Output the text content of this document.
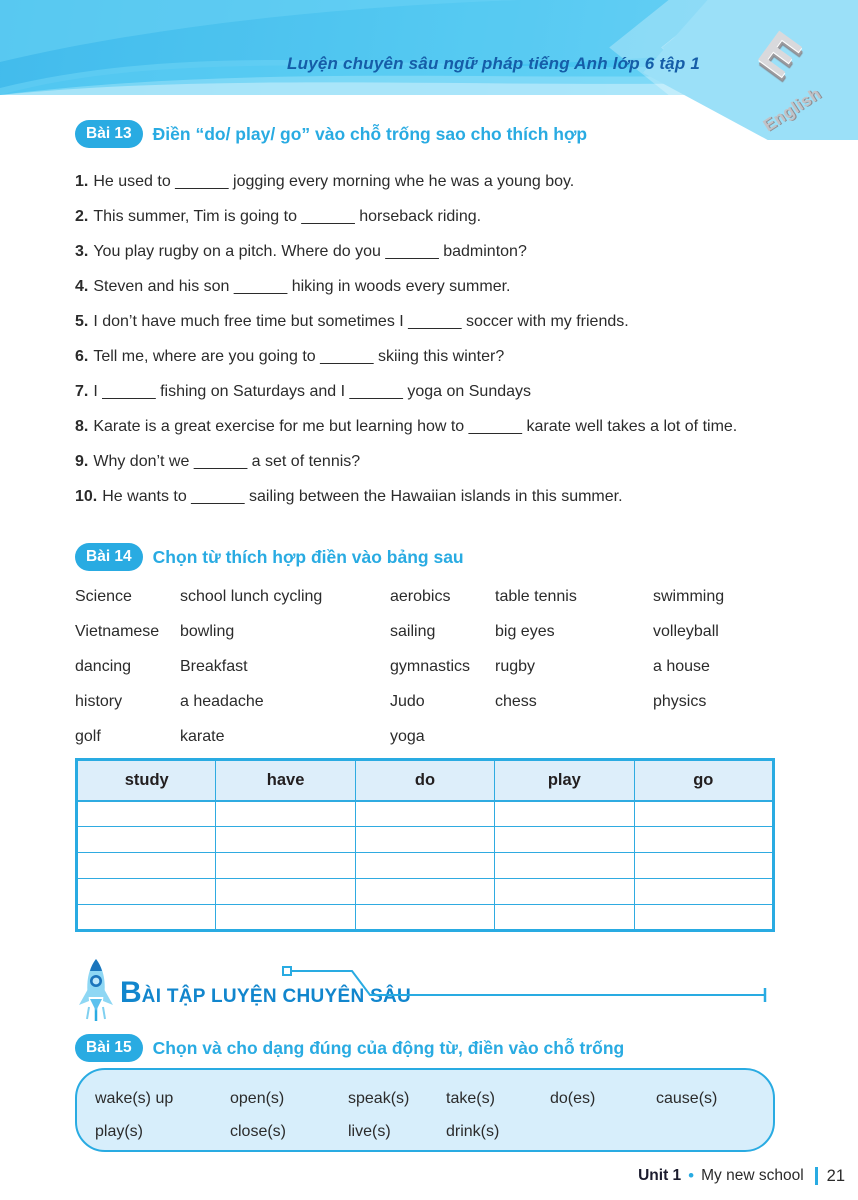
Luyện chuyên sâu ngữ pháp tiếng Anh lớp 6 tập 1 E
English
Bài 13	Điền “do/ play/ go” vào chỗ trống sao cho thích hợp

1. He used to ______ jogging every morning whe he was a young boy.

2. This summer, Tim is going to ______ horseback riding.

3. You play rugby on a pitch. Where do you ______ badminton?

4. Steven and his son ______ hiking in woods every summer.

5. I don’t have much free time but sometimes I ______ soccer with my friends.

6. Tell me, where are you going to ______ skiing this winter?

7. I ______ fishing on Saturdays and I ______ yoga on Sundays

8. Karate is a great exercise for me but learning how to ______ karate well takes a lot of time.

9. Why don’t we ______ a set of tennis?

10. He wants to ______ sailing between the Hawaiian islands in this summer.

Bài 14	Chọn từ thích hợp điền vào bảng sau
Science	school lunch cycling	aerobics	table tennis	swimming
Vietnamese	bowling	sailing	big eyes	volleyball
dancing	Breakfast	gymnastics	rugby	a house
history	a headache	Judo	chess	physics
golf	karate	yoga
study	have	do	play	go

BÀI TẬP LUYỆN CHUYÊN SÂU
Bài 15	Chọn và cho dạng đúng của động từ, điền vào chỗ trống
wake(s) up	open(s)	speak(s)	take(s)	do(es)	cause(s)
play(s)	close(s)	live(s)	drink(s)
Unit 1 • My new school 21
